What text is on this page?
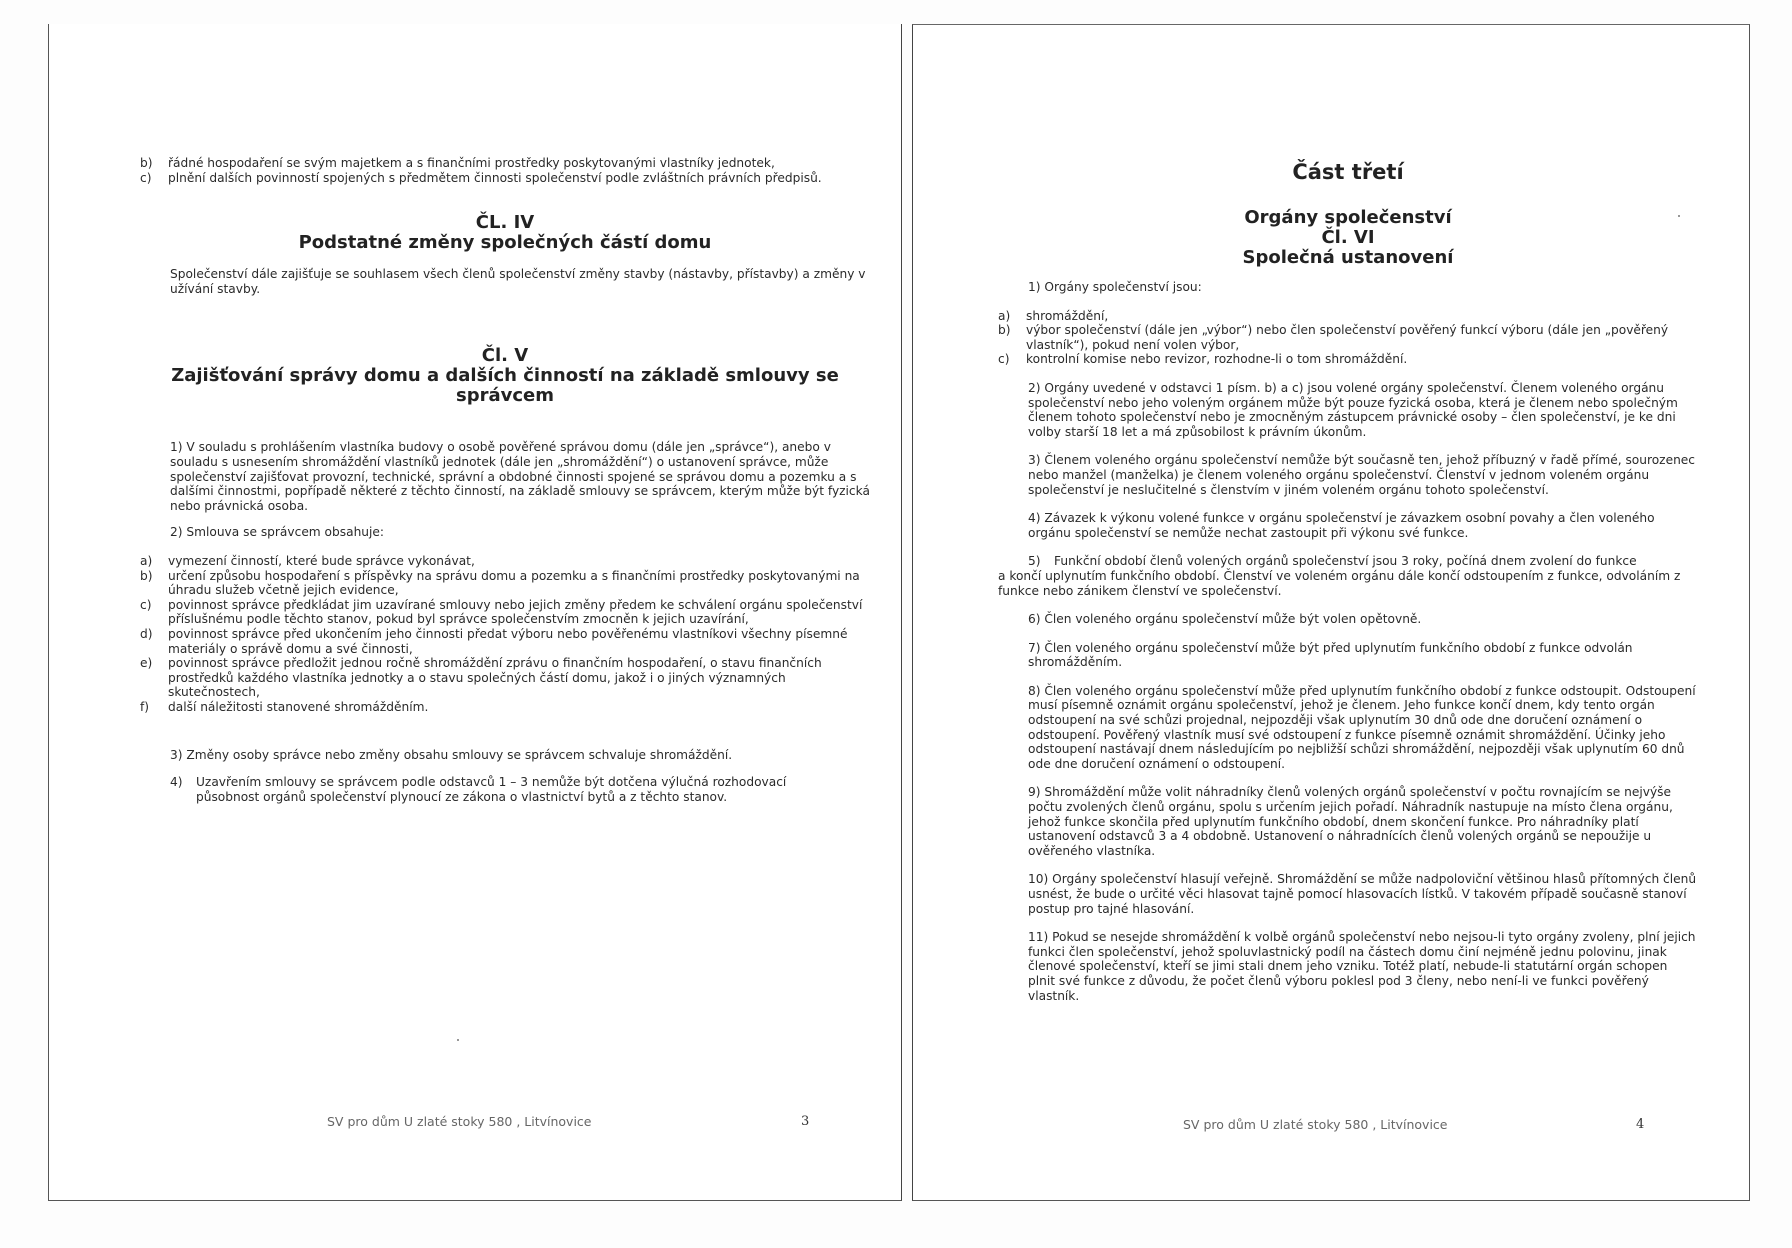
b)	řádné hospodaření se svým majetkem a s finančními prostředky poskytovanými vlastníky jednotek,
c)	plnění dalších povinností spojených s předmětem činnosti společenství podle zvláštních právních předpisů.
ČL. IV
Podstatné změny společných částí domu

Společenství dále zajišťuje se souhlasem všech členů společenství změny stavby (nástavby, přístavby) a změny v užívání stavby.

Čl. V
Zajišťování správy domu a dalších činností na základě smlouvy se správcem

1) V souladu s prohlášením vlastníka budovy o osobě pověřené správou domu (dále jen „správce“), anebo v souladu s usnesením shromáždění vlastníků jednotek (dále jen „shromáždění“) o ustanovení správce, může společenství zajišťovat provozní, technické, správní a obdobné činnosti spojené se správou domu a pozemku a s dalšími činnostmi, popřípadě některé z těchto činností, na základě smlouvy se správcem, kterým může být fyzická nebo právnická osoba.

2) Smlouva se správcem obsahuje:

a)	vymezení činností, které bude správce vykonávat,
b)	určení způsobu hospodaření s příspěvky na správu domu a pozemku a s finančními prostředky poskytovanými na úhradu služeb včetně jejich evidence,
c)	povinnost správce předkládat jim uzavírané smlouvy nebo jejich změny předem ke schválení orgánu společenství příslušnému podle těchto stanov, pokud byl správce společenstvím zmocněn k jejich uzavírání,
d)	povinnost správce před ukončením jeho činnosti předat výboru nebo pověřenému vlastníkovi všechny písemné materiály o správě domu a své činnosti,
e)	povinnost správce předložit jednou ročně shromáždění zprávu o finančním hospodaření, o stavu finančních prostředků každého vlastníka jednotky a o stavu společných částí domu, jakož i o jiných významných skutečnostech,
f)	další náležitosti stanovené shromážděním.

3) Změny osoby správce nebo změny obsahu smlouvy se správcem schvaluje shromáždění.

4)	Uzavřením smlouvy se správcem podle odstavců 1 – 3 nemůže být dotčena výlučná rozhodovací působnost orgánů společenství plynoucí ze zákona o vlastnictví bytů a z těchto stanov.
SV pro dům U zlaté stoky 580 , Litvínovice	3
Část třetí
Orgány společenství
Čl. VI
Společná ustanovení

1) Orgány společenství jsou:

a)	shromáždění,
b)	výbor společenství (dále jen „výbor“) nebo člen společenství pověřený funkcí výboru (dále jen „pověřený vlastník“), pokud není volen výbor,
c)	kontrolní komise nebo revizor, rozhodne-li o tom shromáždění.

2) Orgány uvedené v odstavci 1 písm. b) a c) jsou volené orgány společenství. Členem voleného orgánu společenství nebo jeho voleným orgánem může být pouze fyzická osoba, která je členem nebo společným členem tohoto společenství nebo je zmocněným zástupcem právnické osoby – člen společenství, je ke dni volby starší 18 let a má způsobilost k právním úkonům.

3) Členem voleného orgánu společenství nemůže být současně ten, jehož příbuzný v řadě přímé, sourozenec nebo manžel (manželka) je členem voleného orgánu společenství. Členství v jednom voleném orgánu společenství je neslučitelné s členstvím v jiném voleném orgánu tohoto společenství.

4) Závazek k výkonu volené funkce v orgánu společenství je závazkem osobní povahy a člen voleného orgánu společenství se nemůže nechat zastoupit při výkonu své funkce.

5)	Funkční období členů volených orgánů společenství jsou 3 roky, počíná dnem zvolení do funkce

a končí uplynutím funkčního období. Členství ve voleném orgánu dále končí odstoupením z funkce, odvoláním z funkce nebo zánikem členství ve společenství.

6) Člen voleného orgánu společenství může být volen opětovně.

7) Člen voleného orgánu společenství může být před uplynutím funkčního období z funkce odvolán shromážděním.

8) Člen voleného orgánu společenství může před uplynutím funkčního období z funkce odstoupit. Odstoupení musí písemně oznámit orgánu společenství, jehož je členem. Jeho funkce končí dnem, kdy tento orgán odstoupení na své schůzi projednal, nejpozději však uplynutím 30 dnů ode dne doručení oznámení o odstoupení. Pověřený vlastník musí své odstoupení z funkce písemně oznámit shromáždění. Účinky jeho odstoupení nastávají dnem následujícím po nejbližší schůzi shromáždění, nejpozději však uplynutím 60 dnů ode dne doručení oznámení o odstoupení.

9) Shromáždění může volit náhradníky členů volených orgánů společenství v počtu rovnajícím se nejvýše počtu zvolených členů orgánu, spolu s určením jejich pořadí. Náhradník nastupuje na místo člena orgánu, jehož funkce skončila před uplynutím funkčního období, dnem skončení funkce. Pro náhradníky platí ustanovení odstavců 3 a 4 obdobně. Ustanovení o náhradnících členů volených orgánů se nepoužije u ověřeného vlastníka.

10) Orgány společenství hlasují veřejně. Shromáždění se může nadpoloviční většinou hlasů přítomných členů usnést, že bude o určité věci hlasovat tajně pomocí hlasovacích lístků. V takovém případě současně stanoví postup pro tajné hlasování.

11) Pokud se nesejde shromáždění k volbě orgánů společenství nebo nejsou-li tyto orgány zvoleny, plní jejich funkci člen společenství, jehož spoluvlastnický podíl na částech domu činí nejméně jednu polovinu, jinak členové společenství, kteří se jimi stali dnem jeho vzniku. Totéž platí, nebude-li statutární orgán schopen plnit své funkce z důvodu, že počet členů výboru poklesl pod 3 členy, nebo není-li ve funkci pověřený vlastník.

SV pro dům U zlaté stoky 580 , Litvínovice	4
